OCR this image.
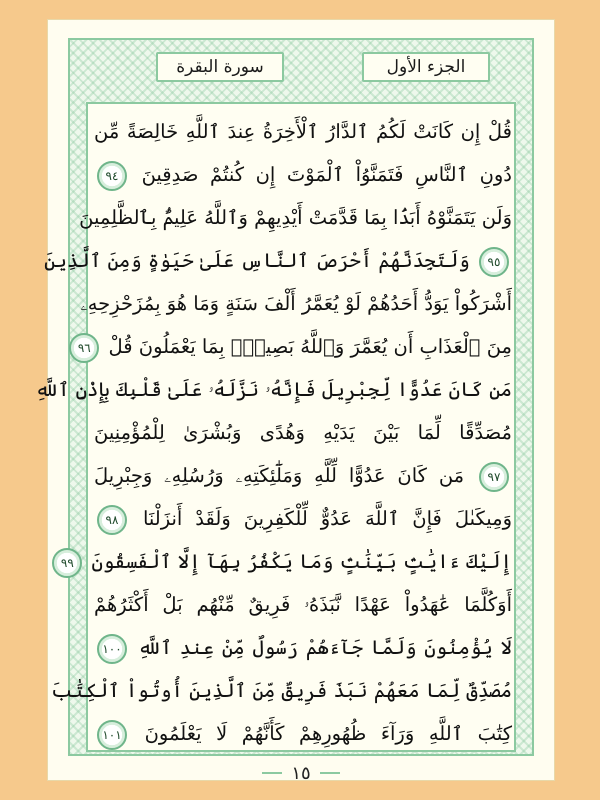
سورة البقرة	الجزء الأول
قُلْ إِن كَانَتْ لَكُمُ ٱلدَّارُ ٱلْأَخِرَةُ عِندَ ٱللَّهِ خَالِصَةً مِّن
دُونِ ٱلنَّاسِ فَتَمَنَّوُاْ ٱلْمَوْتَ إِن كُنتُمْ صَدِقِينَ ٩٤
وَلَن يَتَمَنَّوْهُ أَبَدَۢا بِمَا قَدَّمَتْ أَيْدِيهِمْ وَٱللَّهُ عَلِيمٌۢ بِٱلظَّلِمِينَ
٩٥ وَلَتَجِدَنَّهُمْ أَحْرَصَ ٱلنَّاسِ عَلَىٰ حَيَوٰةٍ وَمِنَ ٱلَّذِينَ
أَشْرَكُواْ يَوَدُّ أَحَدُهُمْ لَوْ يُعَمَّرُ أَلْفَ سَنَةٍ وَمَا هُوَ بِمُزَحْزِحِهِۦ
مِنَ ٱلْعَذَابِ أَن يُعَمَّرَ وَٱللَّهُ بَصِيرٌۢ بِمَا يَعْمَلُونَ قُلْ ٩٦
مَن كَانَ عَدُوًّا لِّجِبْرِيلَ فَإِنَّهُۥ نَزَّلَهُۥ عَلَىٰ قَلْبِكَ بِإِذْنِ ٱللَّهِ
مُصَدِّقًا لِّمَا بَيْنَ يَدَيْهِ وَهُدًى وَبُشْرَىٰ لِلْمُؤْمِنِينَ
٩٧ مَن كَانَ عَدُوًّا لِّلَّهِ وَمَلَٰٓئِكَتِهِۦ وَرُسُلِهِۦ وَجِبْرِيلَ
وَمِيكَىٰلَ فَإِنَّ ٱللَّهَ عَدُوٌّ لِّلْكَفِرِينَ وَلَقَدْ أَنزَلْنَا ٩٨
إِلَيْكَ ءَايَٰتٍۢ بَيِّنَٰتٍۢ وَمَا يَكْفُرُ بِهَآ إِلَّا ٱلْفَسِقُونَ ٩٩
أَوَكُلَّمَا عَٰهَدُواْ عَهْدًا نَّبَذَهُۥ فَرِيقٌ مِّنْهُم بَلْ أَكْثَرُهُمْ
لَا يُؤْمِنُونَ وَلَمَّا جَآءَهُمْ رَسُولٌ مِّنْ عِندِ ٱللَّهِ ١٠٠
مُصَدِّقٌ لِّمَا مَعَهُمْ نَبَذَ فَرِيقٌ مِّنَ ٱلَّذِينَ أُوتُواْ ٱلْكِتَٰبَ
كِتَٰبَ ٱللَّهِ وَرَآءَ ظُهُورِهِمْ كَأَنَّهُمْ لَا يَعْلَمُونَ ١٠١
١٥
